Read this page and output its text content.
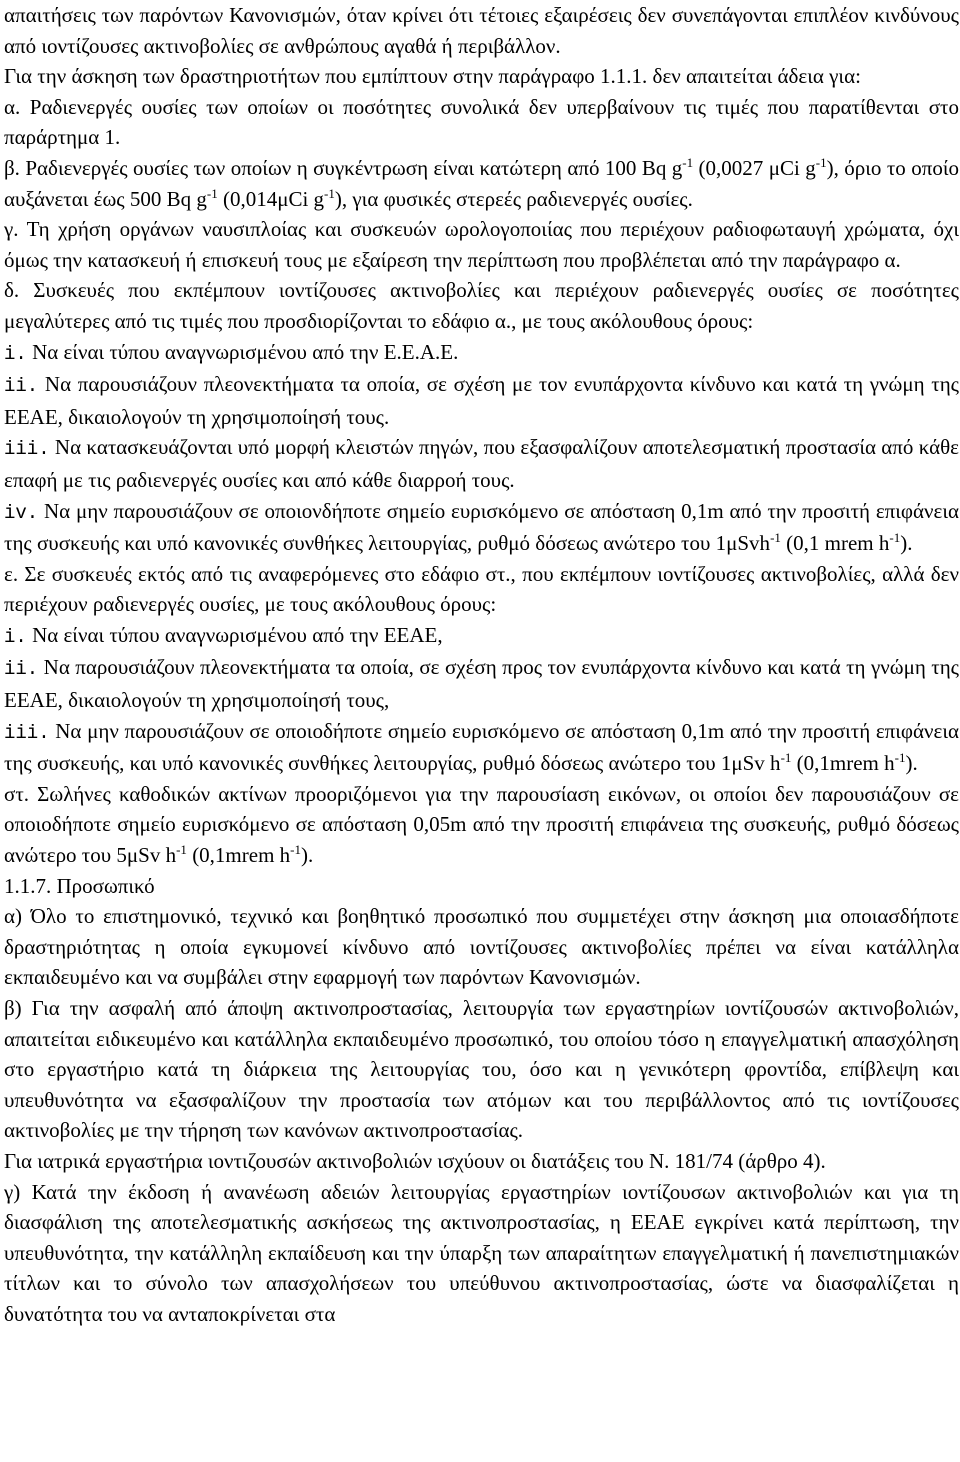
απαιτήσεις των παρόντων Κανονισμών, όταν κρίνει ότι τέτοιες εξαιρέσεις δεν συνεπάγονται επιπλέον κινδύνους από ιοντίζουσες ακτινοβολίες σε ανθρώπους αγαθά ή περιβάλλον.

Για την άσκηση των δραστηριοτήτων που εμπίπτουν στην παράγραφο 1.1.1. δεν απαιτείται άδεια για:

α. Ραδιενεργές ουσίες των οποίων οι ποσότητες συνολικά δεν υπερβαίνουν τις τιμές που παρατίθενται στο παράρτημα 1.

β. Ραδιενεργές ουσίες των οποίων η συγκέντρωση είναι κατώτερη από 100 Bq $g^{-1}$ (0,0027 μCi $g^{-1}$), όριο το οποίο αυξάνεται έως 500 Bq $g^{-1}$ (0,014μCi $g^{-1}$), για φυσικές στερεές ραδιενεργές ουσίες.

γ. Τη χρήση οργάνων ναυσιπλοίας και συσκευών ωρολογοποιίας που περιέχουν ραδιοφωταυγή χρώματα, όχι όμως την κατασκευή ή επισκευή τους με εξαίρεση την περίπτωση που προβλέπεται από την παράγραφο α.

δ. Συσκευές που εκπέμπουν ιοντίζουσες ακτινοβολίες και περιέχουν ραδιενεργές ουσίες σε ποσότητες μεγαλύτερες από τις τιμές που προσδιορίζονται το εδάφιο α., με τους ακόλουθους όρους:

i. Να είναι τύπου αναγνωρισμένου από την Ε.Ε.Α.Ε.

ii. Να παρουσιάζουν πλεονεκτήματα τα οποία, σε σχέση με τον ενυπάρχοντα κίνδυνο και κατά τη γνώμη της ΕΕΑΕ, δικαιολογούν τη χρησιμοποίησή τους.

iii. Να κατασκευάζονται υπό μορφή κλειστών πηγών, που εξασφαλίζουν αποτελεσματική προστασία από κάθε επαφή με τις ραδιενεργές ουσίες και από κάθε διαρροή τους.

iv. Να μην παρουσιάζουν σε οποιονδήποτε σημείο ευρισκόμενο σε απόσταση 0,1m από την προσιτή επιφάνεια της συσκευής και υπό κανονικές συνθήκες λειτουργίας, ρυθμό δόσεως ανώτερο του 1μSvh$^{-1}$ (0,1 mrem $h^{-1}$).

ε. Σε συσκευές εκτός από τις αναφερόμενες στο εδάφιο στ., που εκπέμπουν ιοντίζουσες ακτινοβολίες, αλλά δεν περιέχουν ραδιενεργές ουσίες, με τους ακόλουθους όρους:

i. Να είναι τύπου αναγνωρισμένου από την ΕΕΑΕ,

ii. Να παρουσιάζουν πλεονεκτήματα τα οποία, σε σχέση προς τον ενυπάρχοντα κίνδυνο και κατά τη γνώμη της ΕΕΑΕ, δικαιολογούν τη χρησιμοποίησή τους,

iii. Να μην παρουσιάζουν σε οποιοδήποτε σημείο ευρισκόμενο σε απόσταση 0,1m από την προσιτή επιφάνεια της συσκευής, και υπό κανονικές συνθήκες λειτουργίας, ρυθμό δόσεως ανώτερο του 1μSv $h^{-1}$ (0,1mrem $h^{-1}$).

στ. Σωλήνες καθοδικών ακτίνων προοριζόμενοι για την παρουσίαση εικόνων, οι οποίοι δεν παρουσιάζουν σε οποιοδήποτε σημείο ευρισκόμενο σε απόσταση 0,05m από την προσιτή επιφάνεια της συσκευής, ρυθμό δόσεως ανώτερο του 5μSv $h^{-1}$ (0,1mrem $h^{-1}$).

1.1.7. Προσωπικό

α) Όλο το επιστημονικό, τεχνικό και βοηθητικό προσωπικό που συμμετέχει στην άσκηση μια οποιασδήποτε δραστηριότητας η οποία εγκυμονεί κίνδυνο από ιοντίζουσες ακτινοβολίες πρέπει να είναι κατάλληλα εκπαιδευμένο και να συμβάλει στην εφαρμογή των παρόντων Κανονισμών.

β) Για την ασφαλή από άποψη ακτινοπροστασίας, λειτουργία των εργαστηρίων ιοντίζουσών ακτινοβολιών, απαιτείται ειδικευμένο και κατάλληλα εκπαιδευμένο προσωπικό, του οποίου τόσο η επαγγελματική απασχόληση στο εργαστήριο κατά τη διάρκεια της λειτουργίας του, όσο και η γενικότερη φροντίδα, επίβλεψη και υπευθυνότητα να εξασφαλίζουν την προστασία των ατόμων και του περιβάλλοντος από τις ιοντίζουσες ακτινοβολίες με την τήρηση των κανόνων ακτινοπροστασίας.

Για ιατρικά εργαστήρια ιοντιζουσών ακτινοβολιών ισχύουν οι διατάξεις του Ν. 181/74 (άρθρο 4).

γ) Κατά την έκδοση ή ανανέωση αδειών λειτουργίας εργαστηρίων ιοντίζουσων ακτινοβολιών και για τη διασφάλιση της αποτελεσματικής ασκήσεως της ακτινοπροστασίας, η ΕΕΑΕ εγκρίνει κατά περίπτωση, την υπευθυνότητα, την κατάλληλη εκπαίδευση και την ύπαρξη των απαραίτητων επαγγελματική ή πανεπιστημιακών τίτλων και το σύνολο των απασχολήσεων του υπεύθυνου ακτινοπροστασίας, ώστε να διασφαλίζεται η δυνατότητα του να ανταποκρίνεται στα
